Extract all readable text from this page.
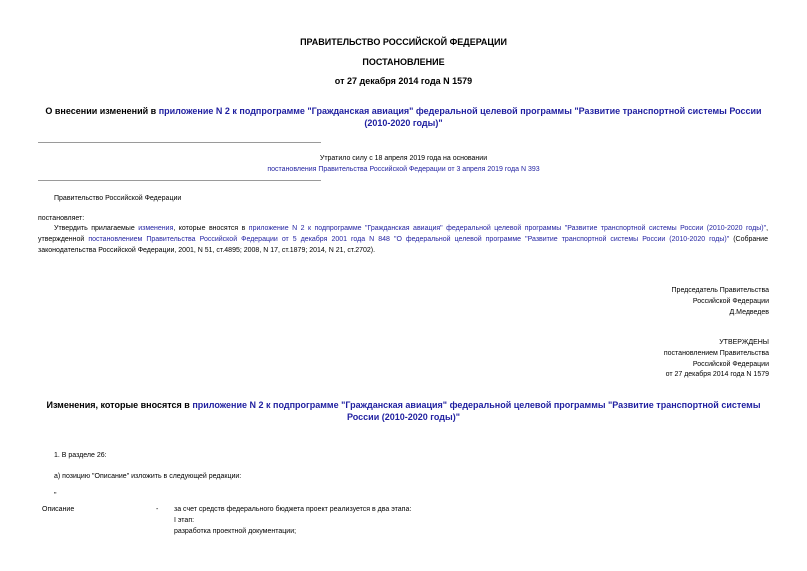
ПРАВИТЕЛЬСТВО РОССИЙСКОЙ ФЕДЕРАЦИИ
ПОСТАНОВЛЕНИЕ
от 27 декабря 2014 года N 1579
О внесении изменений в приложение N 2 к подпрограмме "Гражданская авиация" федеральной целевой программы "Развитие транспортной системы России
(2010-2020 годы)"
Утратило силу с 18 апреля 2019 года на основании
постановления Правительства Российской Федерации от 3 апреля 2019 года N 393
Правительство Российской Федерации
постановляет:
Утвердить прилагаемые изменения, которые вносятся в приложение N 2 к подпрограмме "Гражданская авиация" федеральной целевой программы "Развитие транспортной системы России (2010-2020 годы)", утвержденной постановлением Правительства Российской Федерации от 5 декабря 2001 года N 848 "О федеральной целевой программе "Развитие транспортной системы России (2010-2020 годы)" (Собрание законодательства Российской Федерации, 2001, N 51, ст.4895; 2008, N 17, ст.1879; 2014, N 21, ст.2702).
Председатель Правительства
Российской Федерации
Д.Медведев
УТВЕРЖДЕНЫ
постановлением Правительства
Российской Федерации
от 27 декабря 2014 года N 1579
Изменения, которые вносятся в приложение N 2 к подпрограмме "Гражданская авиация" федеральной целевой программы "Развитие транспортной системы
России (2010-2020 годы)"
1. В разделе 26:
а) позицию "Описание" изложить в следующей редакции:
"
Описание	- за счет средств федерального бюджета проект реализуется в два этапа:
I этап:
разработка проектной документации;
